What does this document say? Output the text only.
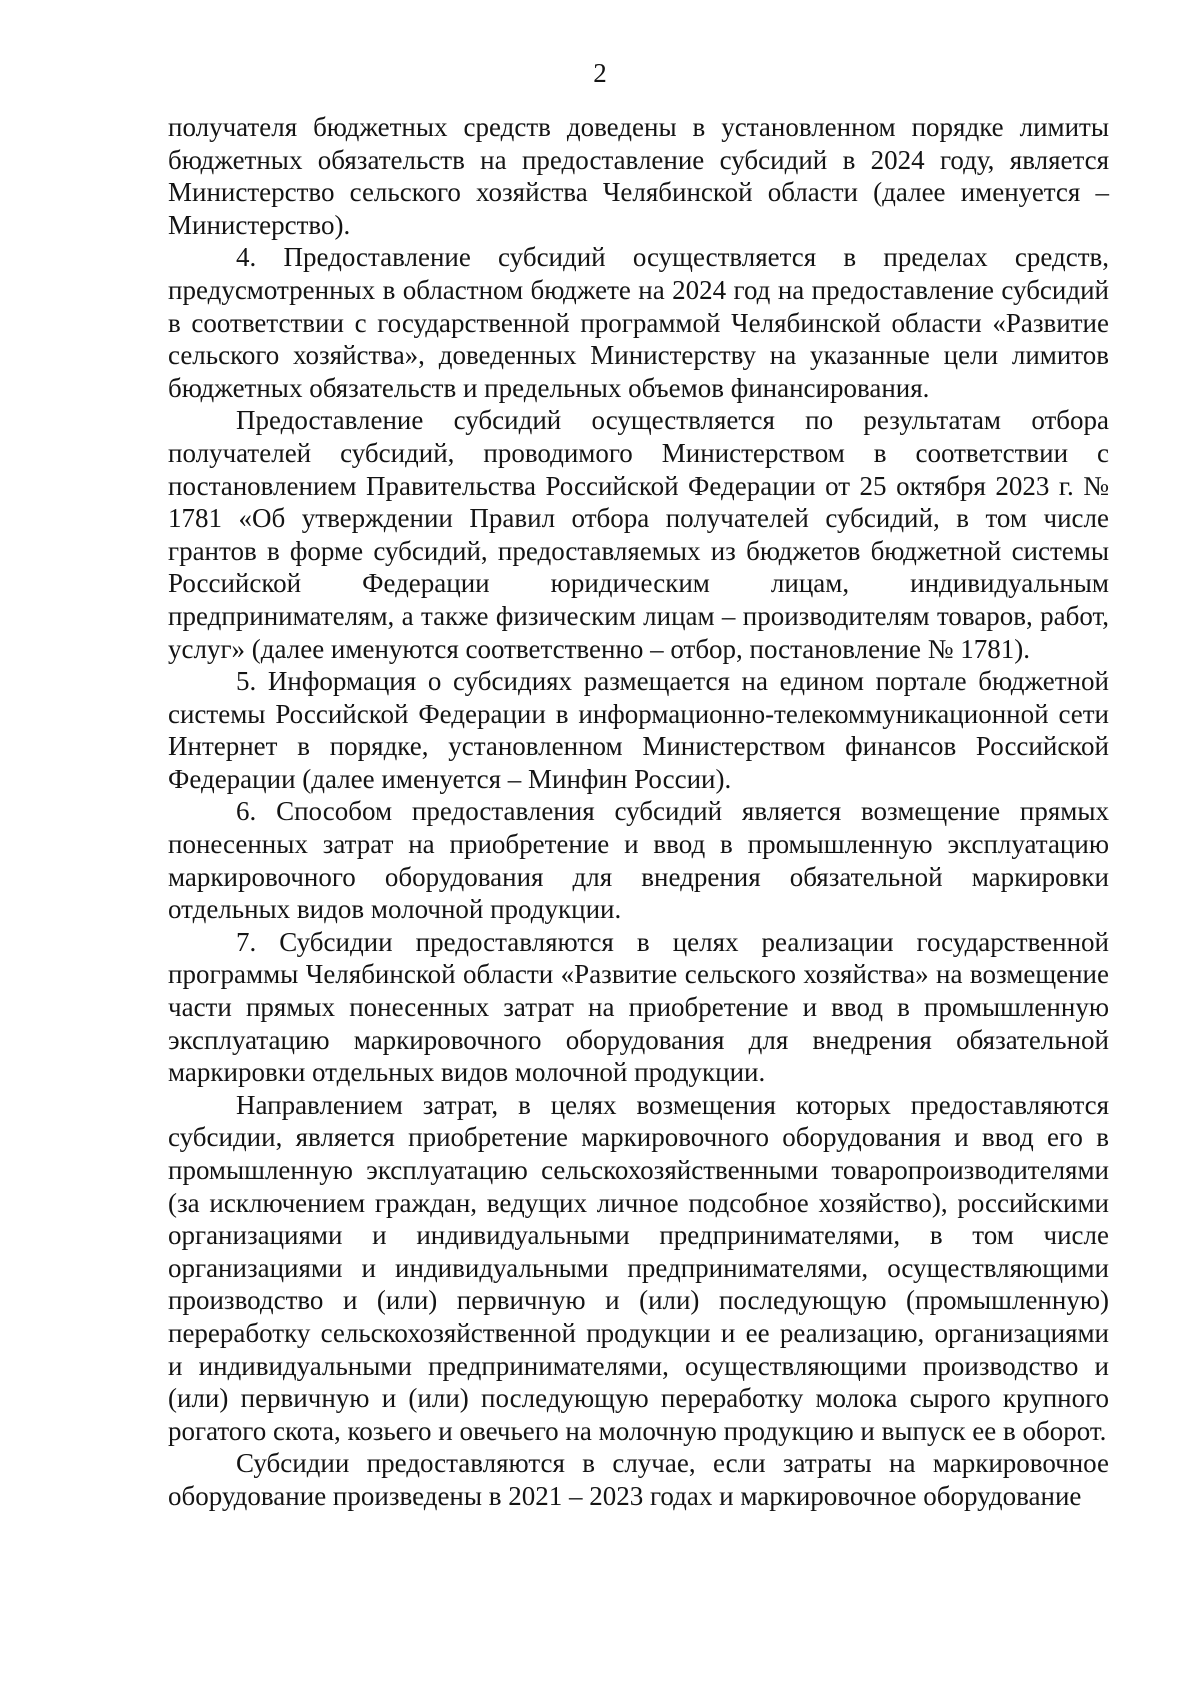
2

получателя бюджетных средств доведены в установленном порядке лимиты бюджетных обязательств на предоставление субсидий в 2024 году, является Министерство сельского хозяйства Челябинской области (далее именуется – Министерство).

4. Предоставление субсидий осуществляется в пределах средств, предусмотренных в областном бюджете на 2024 год на предоставление субсидий в соответствии с государственной программой Челябинской области «Развитие сельского хозяйства», доведенных Министерству на указанные цели лимитов бюджетных обязательств и предельных объемов финансирования.

Предоставление субсидий осуществляется по результатам отбора получателей субсидий, проводимого Министерством в соответствии с постановлением Правительства Российской Федерации от 25 октября 2023 г. № 1781 «Об утверждении Правил отбора получателей субсидий, в том числе грантов в форме субсидий, предоставляемых из бюджетов бюджетной системы Российской Федерации юридическим лицам, индивидуальным предпринимателям, а также физическим лицам – производителям товаров, работ, услуг» (далее именуются соответственно – отбор, постановление № 1781).

5. Информация о субсидиях размещается на едином портале бюджетной системы Российской Федерации в информационно-телекоммуникационной сети Интернет в порядке, установленном Министерством финансов Российской Федерации (далее именуется – Минфин России).

6. Способом предоставления субсидий является возмещение прямых понесенных затрат на приобретение и ввод в промышленную эксплуатацию маркировочного оборудования для внедрения обязательной маркировки отдельных видов молочной продукции.

7. Субсидии предоставляются в целях реализации государственной программы Челябинской области «Развитие сельского хозяйства» на возмещение части прямых понесенных затрат на приобретение и ввод в промышленную эксплуатацию маркировочного оборудования для внедрения обязательной маркировки отдельных видов молочной продукции.

Направлением затрат, в целях возмещения которых предоставляются субсидии, является приобретение маркировочного оборудования и ввод его в промышленную эксплуатацию сельскохозяйственными товаропроизводителями (за исключением граждан, ведущих личное подсобное хозяйство), российскими организациями и индивидуальными предпринимателями, в том числе организациями и индивидуальными предпринимателями, осуществляющими производство и (или) первичную и (или) последующую (промышленную) переработку сельскохозяйственной продукции и ее реализацию, организациями и индивидуальными предпринимателями, осуществляющими производство и (или) первичную и (или) последующую переработку молока сырого крупного рогатого скота, козьего и овечьего на молочную продукцию и выпуск ее в оборот.

Субсидии предоставляются в случае, если затраты на маркировочное оборудование произведены в 2021 – 2023 годах и маркировочное оборудование
